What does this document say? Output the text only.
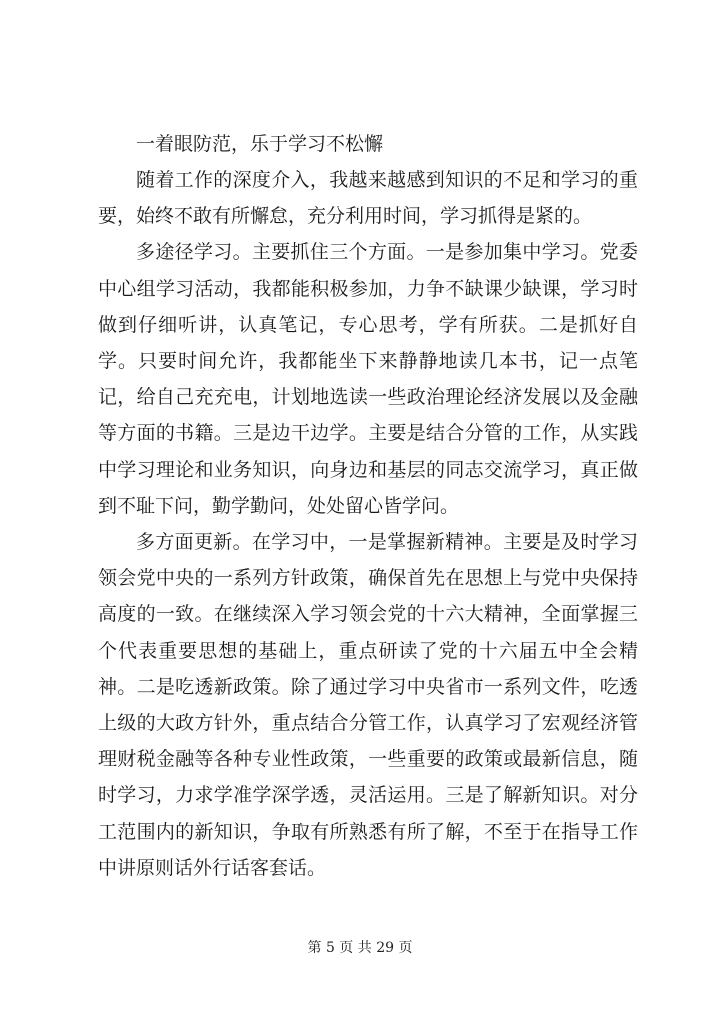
一着眼防范，乐于学习不松懈

随着工作的深度介入，我越来越感到知识的不足和学习的重要，始终不敢有所懈怠，充分利用时间，学习抓得是紧的。

多途径学习。主要抓住三个方面。一是参加集中学习。党委中心组学习活动，我都能积极参加，力争不缺课少缺课，学习时做到仔细听讲，认真笔记，专心思考，学有所获。二是抓好自学。只要时间允许，我都能坐下来静静地读几本书，记一点笔记，给自己充充电，计划地选读一些政治理论经济发展以及金融等方面的书籍。三是边干边学。主要是结合分管的工作，从实践中学习理论和业务知识，向身边和基层的同志交流学习，真正做到不耻下问，勤学勤问，处处留心皆学问。

多方面更新。在学习中，一是掌握新精神。主要是及时学习领会党中央的一系列方针政策，确保首先在思想上与党中央保持高度的一致。在继续深入学习领会党的十六大精神，全面掌握三个代表重要思想的基础上，重点研读了党的十六届五中全会精神。二是吃透新政策。除了通过学习中央省市一系列文件，吃透上级的大政方针外，重点结合分管工作，认真学习了宏观经济管理财税金融等各种专业性政策，一些重要的政策或最新信息，随时学习，力求学准学深学透，灵活运用。三是了解新知识。对分工范围内的新知识，争取有所熟悉有所了解，不至于在指导工作中讲原则话外行话客套话。

第 5 页 共 29 页
